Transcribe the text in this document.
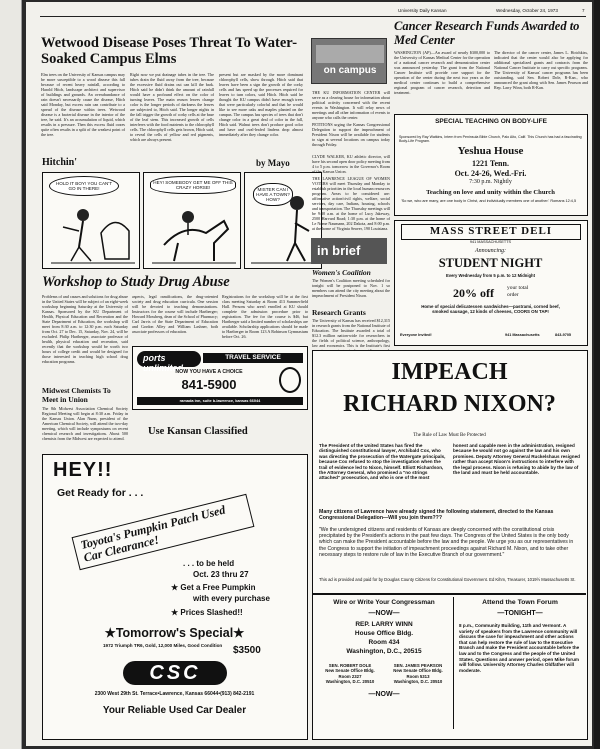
University Daily Kansan	Wednesday, October 24, 1973	7
Wetwood Disease Poses Threat To Water-Soaked Campus Elms
Elm trees on the University of Kansas campus may be more susceptible to a wood disease this fall because of recent heavy rainfall, according to Harold Hitch, landscape architect and supervisor of buildings and grounds. An overabundance of rain doesn't necessarily cause the disease, Hitch said Monday, but excess rain can contribute to a spread of the disease within trees. Wetwood disease is a bacterial disease in the interior of the tree, he said. It's an accumulation of liquid, which results in a pressure. Then this excess fluid oozes quite often results in a split of the weakest point of the tree.
Right now we put drainage tubes in the tree. The tubes drain the fluid away from the tree, because the excessive fluid drains out can kill the bark. Hitch said he didn't think the amount of rainfall would have a profound effect on the color of turning leaves. The main reason leaves change color is the longer periods of darkness the leaves are subjected to, Hitch said. The longer nights in the fall trigger the growth of corky cells at the base of the leaf stem. This increased growth of cells interferes with the food nutrients to the chlorophyll cells. The chlorophyll cells gets brown, Hitch said, to reveal the cells of yellow and red pigments, which are always present.
present but are masked by the more dominant chlorophyll cells, show through. Hitch said that leaves have been a sign the growth of the corky cells and has speed up the processes required for leaves to turn colors, said Hitch. Hitch said he thought the KU campus didn't have enough trees that were particularly colorful and that he would like to see more oaks and maples planted on the campus. The campus has species of trees that don't change color in a great deal of color in the fall, Hitch said. Walnut trees don't produce good color and have and oval-leafed lindens drop almost immediately after they change color.
Hitchin'	by Mayo
HOLD IT BOY! YOU CAN'T GO IN THERE!
HEY! SOMEBODY GET ME OFF THIS CRAZY HORSE!	MISTER CAN I HAVE A TOWN? HOW?
on campus
THE KU INFORMATION CENTER will serve as a clearing house for information about political activity concerned with the recent events in Washington. It will relay news of meetings and all other information of events to anyone who calls the center.
PETITIONS urging the Kansas Congressional Delegation to support the impeachment of President Nixon will be available for students to sign at several locations on campus today through Friday.
CLYDE WALKER, KU athletic director, will have his second open door policy meeting from 4 to 5 p.m. tomorrow in the Governor's Room of the Kansas Union.
THE LAWRENCE LEAGUE OF WOMEN VOTERS will meet Thursday and Monday to establish priorities in the local human resources program. Areas to be considered are: affirmative action/civil rights, welfare, social services, day care, Indians, housing, schools and transportation. The Thursday meetings will be 9:30 a.m. at the home of Lucy Jakeway, 2500 Harvard Road; 1:30 p.m. at the home of Le Nome Naumann, 202 Dakota, and 8:00 p.m. at the home of Virginia Seaver, 190 Louisiana.
in brief
Women's Coalition
The Women's Coalition meeting scheduled for tonight will be postponed to Nov. 1 so members can attend the city meeting about the impeachment of President Nixon.
Research Grants
The University of Kansas has received $12,315 in research grants from the National Institute of Education. The Institute awarded a total of $12.3 million nation-wide for researchers in the fields of political science, anthropology, law and economics. This is the Institute's first
Cancer Research Funds Awarded to Med Center
WASHINGTON (AP)—An award of nearly $300,000 to the University of Kansas Medical Center for the operation of a national cancer research and demonstration center was announced yesterday. The grant from the National Cancer Institute will provide core support for the operation of the center during the next two years as the medical center continues to build a comprehensive regional program of cancer research, detection and treatment.
The director of the cancer center, James L. Hotchkiss, indicated that the center would also be applying for additional specialized grants and contracts from the National Cancer Institute to carry out specific programs. The University of Kansas' cancer programs has been outstanding, said Sen. Robert Dole, R-Kan., who announced the grant along with Sen. James Pearson and Rep. Larry Winn, both R-Kan.
SPECIAL TEACHING ON BODY-LIFE
Sponsored by Ray Watkins, Intern from Peninsula Bible Church, Palo Alto, Calif. This Church has had a fascinating Body-Life Program.
Yeshua House
1221 Tenn.
Oct. 24-26, Wed.-Fri.
7:30 p.m. Nightly
Teaching on love and unity within the Church
'So we, who are many, are one body in Christ, and individually members one of another.' Romans 12:4,5
MASS STREET DELI
941 MASSACHUSETTS
Announcing:
STUDENT NIGHT
Every Wednesday from 5 p.m. to 12 Midnight
20% off your total order
Home of special delicatessen sandwiches—pastrami, corned beef, smoked sausage, 12 kinds of cheeses, COORS ON TAP!
Everyone Invited!	941 Massachusetts	843-9705
Workshop to Study Drug Abuse
Problems of and causes and solutions for drug abuse in the United States will be subject of an eight-week workshop beginning Saturday at the University of Kansas. Sponsored by the KU Department of Health, Physical Education and Recreation and the State Department of Education, the workshop will meet from 8:30 a.m. to 12:30 p.m. each Saturday from Oct. 27 to Dec. 15, Saturday, Nov. 24, will be excluded. Philip Hartberger, associate professor of health, physical education and recreation, said recently that the workshop would be worth two hours of college credit and would be designed for those interested in teaching high school drug education programs.
aspects, legal ramifications, the drug-oriented society and drug education curricula. One session will be devoted to teaching demonstrations. Instructors for the course will include Hartberger; Howard Mossberg, dean of the School of Pharmacy; Carl Jarvis of the State Department of Education and Gordon Alley and William Lashner, both associate professors of education.
Registrations for the workshop will be at the first class meeting Saturday at Room 413 Summerfield Hall. Persons who aren't enrolled at KU should complete the admission procedure prior to registration. The fee for the course is $46, but Hartberger said a limited number of scholarships are available. Scholarship applications should be made to Hartberger in Room 123 A Robinson Gymnasium before Oct. 26.
Midwest Chemists To Meet in Union
The 8th Midwest Association Chemical Society Regional Meeting will begin at 8:30 a.m. Friday in the Kansas Union. Alan Nunn, president of the American Chemical Society, will attend the two-day meeting, which will include symposiums on recent chemical research and investigations. About 500 chemists from the Midwest are expected to attend.
ports unlimited
TRAVEL SERVICE
NOW YOU HAVE A CHOICE
841-5900
ramada inn, suite b-lawrence, kansas 66044
Use Kansan Classified
HEY!!
Get Ready for . . .
Toyota's Pumpkin Patch Used Car Clearance!	. . . to be held
Oct. 23 thru 27
★ Get a Free Pumpkin
with every purchase
★ Prices Slashed!!
★Tomorrow's Special★
1972 Triumph TR6, Gold, 12,000 Miles, Good Condition $3500
CSC
2300 West 29th St. Terrace•Lawrence, Kansas 66044•(913) 842-2191
Your Reliable Used Car Dealer
IMPEACH
RICHARD NIXON?
The Rule of Law Must Be Protected
The President of the United States has fired the distinguished constitutional lawyer, Archibald Cox, who was directing the prosecution of the Watergate principals, because Cox refused to stop the investigation when the trail of evidence led to Nixon, himself. Elliott Richardson, the Attorney General, who promised a "no strings attached" prosecution, and who is one of the most
honest and capable men in the administration, resigned because he would not go against the law and his own promises. Deputy Attorney General Ruckelshaus resigned rather than accept Nixon's instructions to interfere with the legal process. Nixon is refusing to abide by the law of the land and must be held accountable.
Many citizens of Lawrence have already signed the following statement, directed to the Kansas Congressional Delegation—Will you join them???
"We the undersigned citizens and residents of Kansas are deeply concerned with the constitutional crisis precipitated by the President's actions in the past few days. The Congress of the United States is the only body which can make the President accountable before the law and the people. We urge you as our representatives in the Congress to support the initiation of impeachment proceedings against Richard M. Nixon, and to take other necessary steps to restore rule of law in the Executive Branch of our government."
This ad is provided and paid for by Douglas County Citizens for Constitutional Government. Ed Kihm, Treasurer, 1019½ Massachusetts St.
Wire or Write Your Congressman
—NOW—
REP. LARRY WINN
House Office Bldg.
Room 434
Washington, D.C., 20515
SEN. ROBERT DOLE
New Senate Office Bldg.
Room 2327
Washington, D.C. 20510
SEN. JAMES PEARSON
New Senate Office Bldg.
Room 5313
Washington, D.C. 20510
—NOW—
Attend the Town Forum
—TONIGHT—
8 p.m., Community Building, 11th and Vermont. A variety of speakers from the Lawrence community will discuss the case for impeachment and other actions that can help restore the rule of law to the Executive Branch and make the President accountable before the law and to the Congress and the people of the United States. Questions and answer period, open Mike forum will follow. University Attorney Charles Oldfather will moderate.
